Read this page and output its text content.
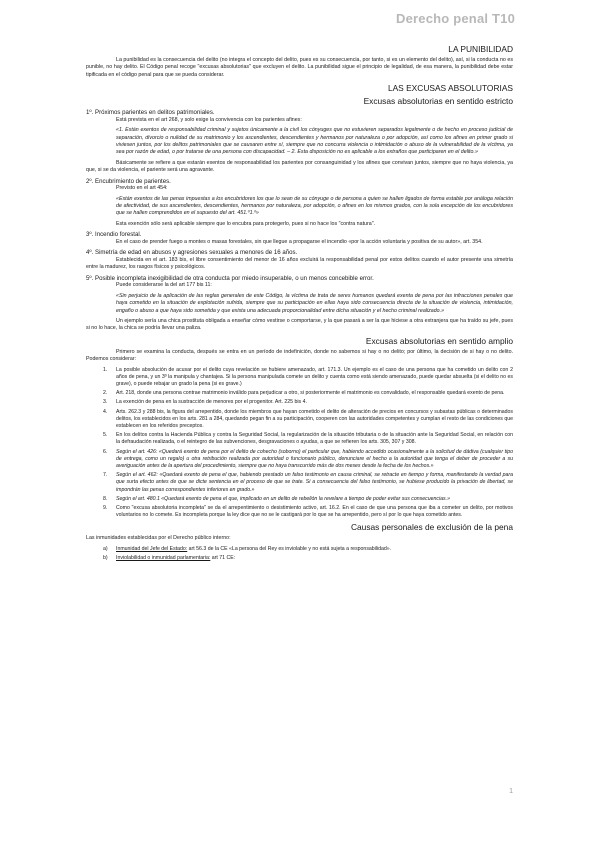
Derecho penal T10
LA PUNIBILIDAD

La punibilidad es la consecuencia del delito (no integra el concepto del delito, pues es su consecuencia, por tanto, si es un elemento del delito), así, si la conducta no es punible, no hay delito. El Código penal recoge "excusas absolutorias" que excluyen el delito. La punibilidad sigue el principio de legalidad, de esa manera, la punibilidad debe estar tipificada en el código penal para que se pueda considerar.

LAS EXCUSAS ABSOLUTORIAS
Excusas absolutorias en sentido estricto

1º. Próximos parientes en delitos patrimoniales.

Está prevista en el art 268, y solo exige la convivencia con los parientes afines:

«1. Están exentos de responsabilidad criminal y sujetos únicamente a la civil los cónyuges que no estuvieren separados legalmente o de hecho en proceso judicial de separación, divorcio o nulidad de su matrimonio y los ascendientes, descendientes y hermanos por naturaleza o por adopción, así como los afines en primer grado si viviesen juntos, por los delitos patrimoniales que se causaren entre sí, siempre que no concurra violencia o intimidación o abuso de la vulnerabilidad de la víctima, ya sea por razón de edad, o por tratarse de una persona con discapacidad. – 2. Esta disposición no es aplicable a los extraños que participaren en el delito.»

Básicamente se refiere a que estarán exentos de responsabilidad los parientes por consanguinidad y los afines que convivan juntos, siempre que no haya violencia, ya que, si se da violencia, el pariente será una agravante.

2º. Encubrimiento de parientes.

Previsto en el art 454:

«Están exentos de las penas impuestas a los encubridores los que lo sean de su cónyuge o de persona a quien se hallen ligados de forma estable por análoga relación de afectividad, de sus ascendientes, descendientes, hermanos por naturaleza, por adopción, o afines en los mismos grados, con la sola excepción de los encubridores que se hallen comprendidos en el supuesto del art. 451.º1.º»

Esta exención sólo será aplicable siempre que lo encubra para protegerlo, pues si no hace los "contra natura".

3º. Incendio forestal.

En el caso de prender fuego a montes o masas forestales, sin que llegue a propagarse el incendio «por la acción voluntaria y positiva de su autor», art. 354.

4º. Simetría de edad en abusos y agresiones sexuales a menores de 16 años.

Establecida en el art. 183 bis, el libre consentimiento del menor de 16 años excluirá la responsabilidad penal por estos delitos cuando el autor presente una simetría entre la madurez, los rasgos físicos y psicológicos.

5º. Posible incompleta inexigibilidad de otra conducta por miedo insuperable, o un menos concebible error.

Puede considerarse la del art 177 bis 11:

«Sin perjuicio de la aplicación de las reglas generales de este Código, la víctima de trata de seres humanos quedará exenta de pena por las infracciones penales que haya cometido en la situación de explotación sufrida, siempre que su participación en ellas haya sido consecuencia directa de la situación de violencia, intimidación, engaño o abuso a que haya sido sometida y que exista una adecuada proporcionalidad entre dicha situación y el hecho criminal realizado.»

Un ejemplo sería una chica prostituta obligada a enseñar cómo vestirse o comportarse, y la que pasará a ser la que hiciese a otra extranjera que ha traído su jefe, pues si no lo hace, la chica se podría llevar una paliza.

Excusas absolutorias en sentido amplio

Primero se examina la conducta, después se entra en un período de indefinición, donde no sabemos si hay o no delito; por último, la decisión de si hay o no delito. Podemos considerar:

1.	La posible absolución de acusar por el delito cuya revelación se hubiere amenazado, art. 171.3. Un ejemplo es el caso de una persona que ha cometido un delito con 2 años de pena, y un 3º la manipula y chantajea. Si la persona manipulada comete un delito y cuenta como está siendo amenazado, puede quedar absuelta (si el delito no es grave), o puede rebajar un grado la pena (si es grave.)
2.	Art. 218, donde una persona contrae matrimonio inválido para perjudicar a otro, si posteriormente el matrimonio es convalidado, el responsable quedará exento de pena.
3.	La exención de pena en la sustracción de menores por el progenitor. Art. 225 bis 4.
4.	Arts. 262.3 y 288 bis, la figura del arrepentido, donde los miembros que hayan cometido el delito de alteración de precios en concursos y subastas públicas o determinados delitos, los establecidos en los arts. 281 a 284, quedando pegan fin a su participación, cooperen con las autoridades competentes y cumplan el resto de las condiciones que establecen en los referidos preceptos.
5.	En los delitos contra la Hacienda Pública y contra la Seguridad Social, la regularización de la situación tributaria o de la situación ante la Seguridad Social, en relación con la defraudación realizada, o el reintegro de las subvenciones, desgravaciones o ayudas, a que se refieren los arts. 305, 307 y 308.
6.	Según el art. 426: «Quedará exento de pena por el delito de cohecho (soborno) el particular que, habiendo accedido ocasionalmente a la solicitud de dádiva (cualquier tipo de entrega, como un regalo) u otra retribución realizada por autoridad o funcionario público, denunciare el hecho a la autoridad que tenga el deber de proceder a su averiguación antes de la apertura del procedimiento, siempre que no haya transcurrido más de dos meses desde la fecha de los hechos.»
7.	Según el art. 462: «Quedará exento de pena el que, habiendo prestado un falso testimonio en causa criminal, se retracte en tiempo y forma, manifestando la verdad para que surta efecto antes de que se dicte sentencia en el proceso de que se trate. Si a consecuencia del falso testimonio, se hubiese producido la privación de libertad, se impondrán las penas correspondientes inferiores en grado.»
8.	Según el art. 480.1 «Quedará exento de pena el que, implicado en un delito de rebelión la revelare a tiempo de poder evitar sus consecuencias.»
9.	Como "excusa absolutoria incompleta" se da el arrepentimiento o desistimiento activo, art. 16.2. En el caso de que una persona que iba a cometer un delito, por motivos voluntarios no lo comete. Es incompleta porque la ley dice que no se le castigará por lo que se ha arrepentido, pero sí por lo que haya cometido antes.
Causas personales de exclusión de la pena

Las inmunidades establecidas por el Derecho público interno:

a)	Inmunidad del Jefe del Estado: art 56.3 de la CE «La persona del Rey es inviolable y no está sujeta a responsabilidad».
b)	Inviolabilidad o inmunidad parlamentaria: art 71 CE:
1
